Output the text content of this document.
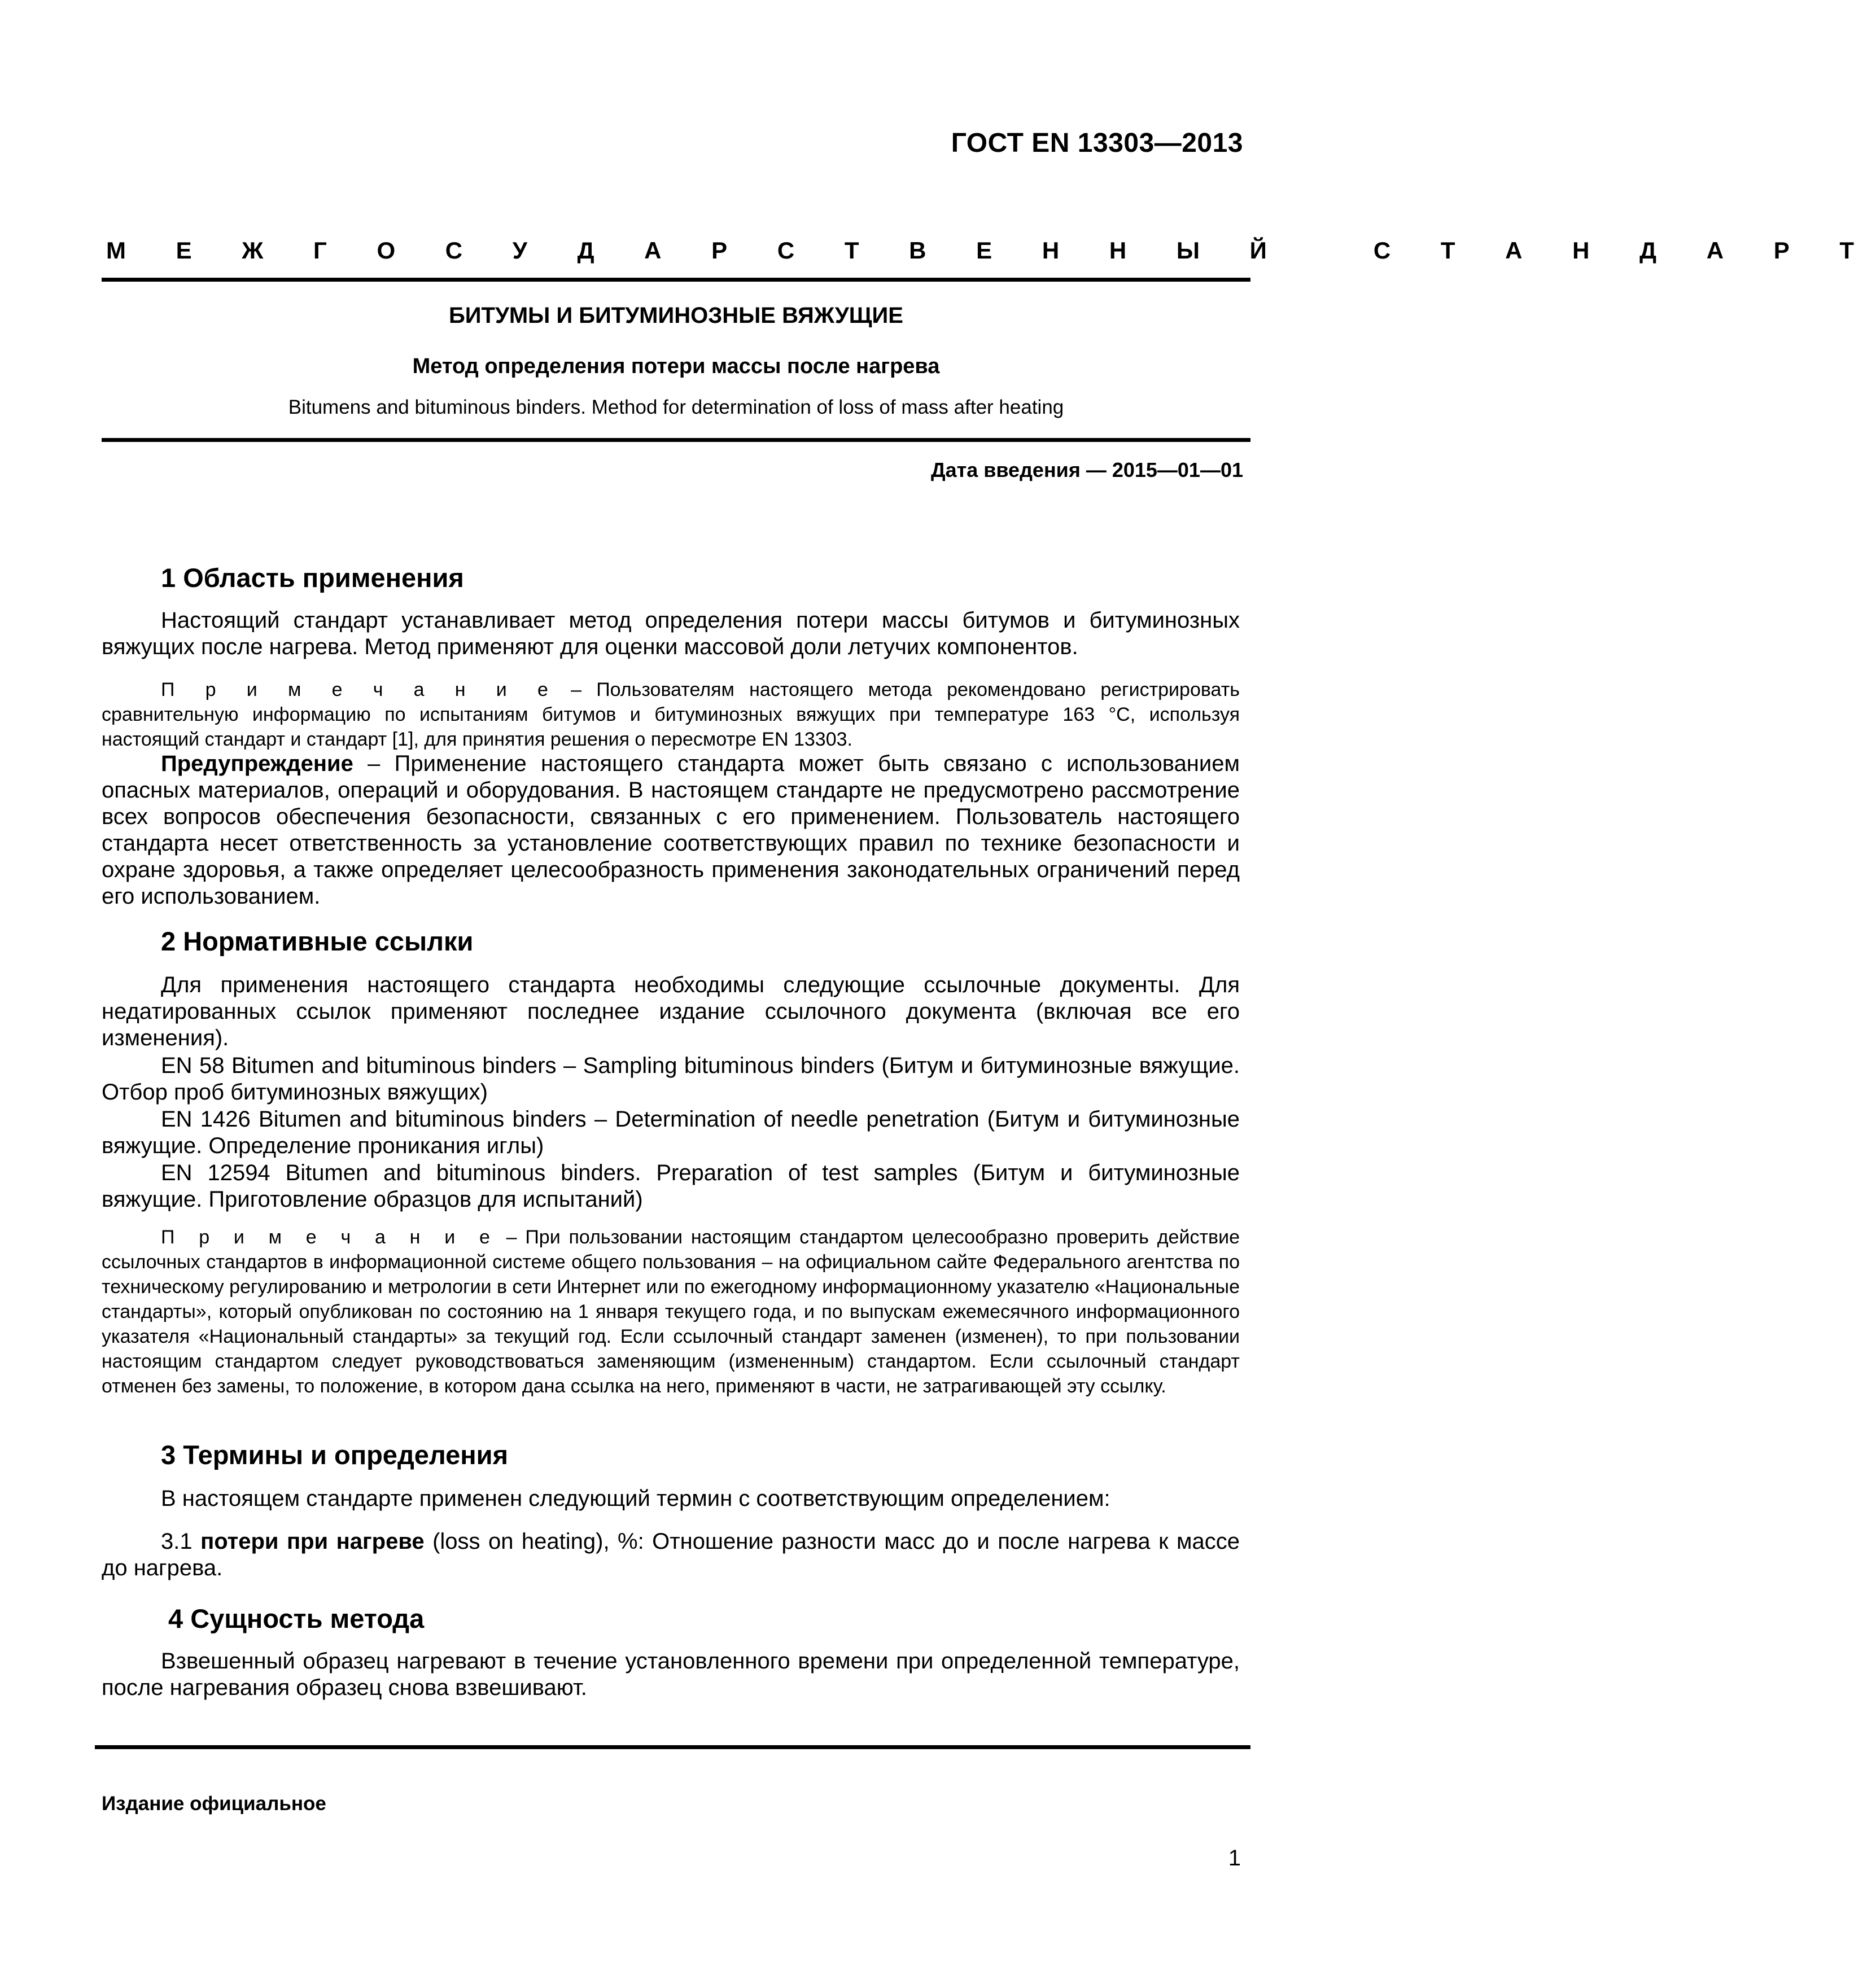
ГОСТ EN 13303—2013
М Е Ж Г О С У Д А Р С Т В Е Н Н Ы Й   С Т А Н Д А Р Т
БИТУМЫ И БИТУМИНОЗНЫЕ ВЯЖУЩИЕ
Метод определения потери массы после нагрева
Bitumens and bituminous binders. Method for determination of loss of mass after heating
Дата введения — 2015—01—01
1 Область применения

Настоящий стандарт устанавливает метод определения потери массы битумов и битуминозных вяжущих после нагрева. Метод применяют для оценки массовой доли летучих компонентов.

П р и м е ч а н и е – Пользователям настоящего метода рекомендовано регистрировать сравнительную информацию по испытаниям битумов и битуминозных вяжущих при температуре 163 °С, используя настоящий стандарт и стандарт [1], для принятия решения о пересмотре EN 13303.

Предупреждение – Применение настоящего стандарта может быть связано с использованием опасных материалов, операций и оборудования. В настоящем стандарте не предусмотрено рассмотрение всех вопросов обеспечения безопасности, связанных с его применением. Пользователь настоящего стандарта несет ответственность за установление соответствующих правил по технике безопасности и охране здоровья, а также определяет целесообразность применения законодательных ограничений перед его использованием.

2 Нормативные ссылки

Для применения настоящего стандарта необходимы следующие ссылочные документы. Для недатированных ссылок применяют последнее издание ссылочного документа (включая все его изменения).

EN 58 Bitumen and bituminous binders – Sampling bituminous binders (Битум и битуминозные вяжущие. Отбор проб битуминозных вяжущих)

EN 1426 Bitumen and bituminous binders – Determination of needle penetration (Битум и битуминозные вяжущие. Определение проникания иглы)

EN 12594 Bitumen and bituminous binders. Preparation of test samples (Битум и битуминозные вяжущие. Приготовление образцов для испытаний)

П р и м е ч а н и е – При пользовании настоящим стандартом целесообразно проверить действие ссылочных стандартов в информационной системе общего пользования – на официальном сайте Федерального агентства по техническому регулированию и метрологии в сети Интернет или по ежегодному информационному указателю «Национальные стандарты», который опубликован по состоянию на 1 января текущего года, и по выпускам ежемесячного информационного указателя «Национальный стандарты» за текущий год. Если ссылочный стандарт заменен (изменен), то при пользовании настоящим стандартом следует руководствоваться заменяющим (измененным) стандартом. Если ссылочный стандарт отменен без замены, то положение, в котором дана ссылка на него, применяют в части, не затрагивающей эту ссылку.

3 Термины и определения

В настоящем стандарте применен следующий термин с соответствующим определением:

3.1 потери при нагреве (loss on heating), %: Отношение разности масс до и после нагрева к массе до нагрева.

4 Сущность метода

Взвешенный образец нагревают в течение установленного времени при определенной температуре, после нагревания образец снова взвешивают.

Издание официальное
1
